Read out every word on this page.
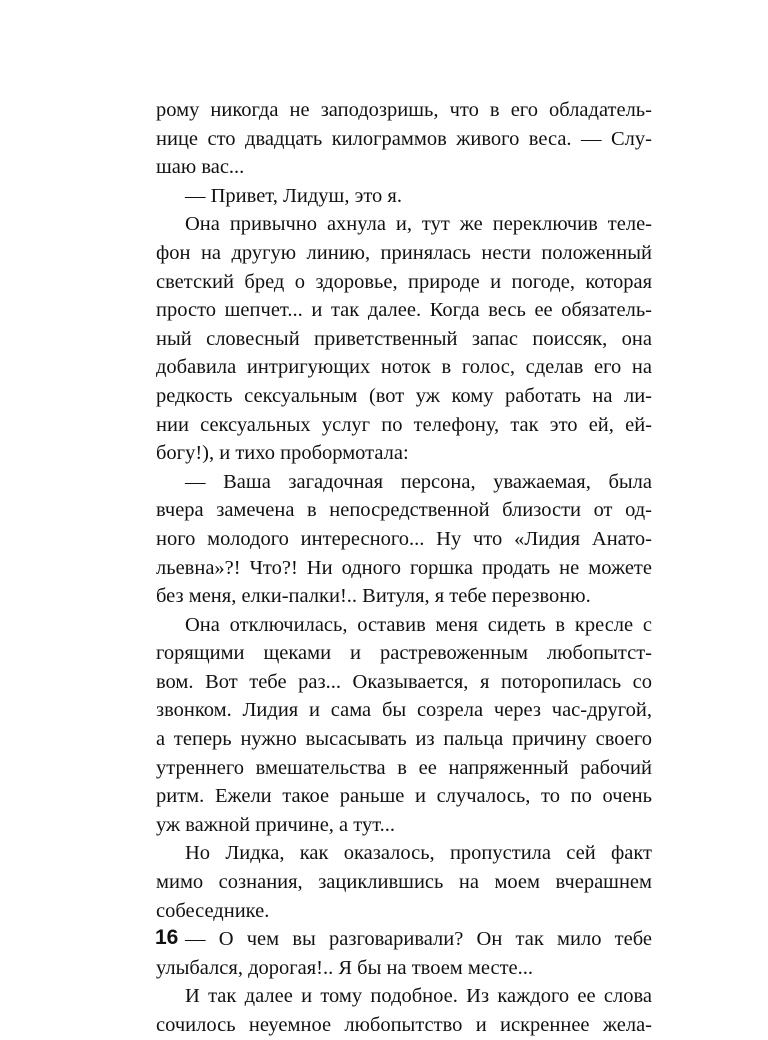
рому никогда не заподозришь, что в его обладатель-
нице сто двадцать килограммов живого веса. — Слу-
шаю вас...
— Привет, Лидуш, это я.
Она привычно ахнула и, тут же переключив теле-
фон на другую линию, принялась нести положенный
светский бред о здоровье, природе и погоде, которая
просто шепчет... и так далее. Когда весь ее обязатель-
ный словесный приветственный запас поиссяк, она
добавила интригующих ноток в голос, сделав его на
редкость сексуальным (вот уж кому работать на ли-
нии сексуальных услуг по телефону, так это ей, ей-
богу!), и тихо пробормотала:
— Ваша загадочная персона, уважаемая, была
вчера замечена в непосредственной близости от од-
ного молодого интересного... Ну что «Лидия Анато-
льевна»?! Что?! Ни одного горшка продать не можете
без меня, елки-палки!.. Витуля, я тебе перезвоню.
Она отключилась, оставив меня сидеть в кресле с
горящими щеками и растревоженным любопытст-
вом. Вот тебе раз... Оказывается, я поторопилась со
звонком. Лидия и сама бы созрела через час-другой,
а теперь нужно высасывать из пальца причину своего
утреннего вмешательства в ее напряженный рабочий
ритм. Ежели такое раньше и случалось, то по очень
уж важной причине, а тут...
Но Лидка, как оказалось, пропустила сей факт
мимо сознания, зациклившись на моем вчерашнем
собеседнике.
— О чем вы разговаривали? Он так мило тебе
улыбался, дорогая!.. Я бы на твоем месте...
И так далее и тому подобное. Из каждого ее слова
сочилось неуемное любопытство и искреннее жела-
16
